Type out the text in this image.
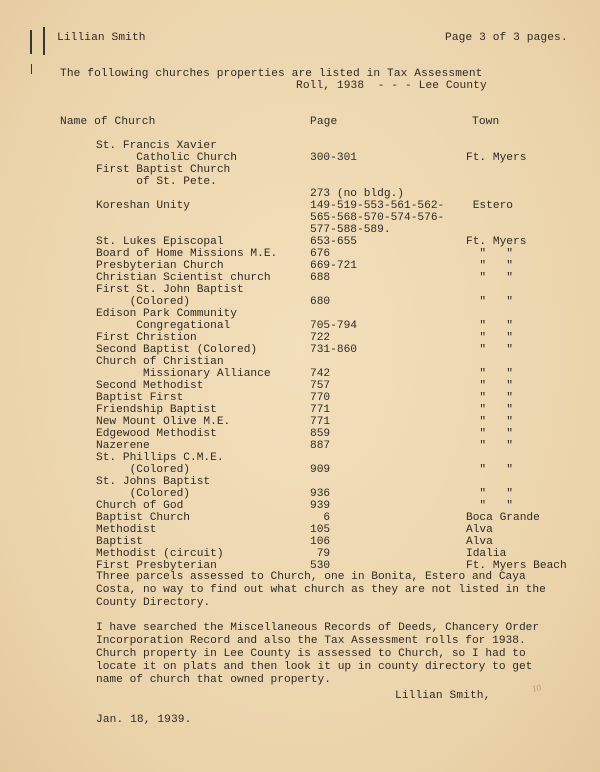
Lillian Smith	Page 3 of 3 pages.
The following churches properties are listed in Tax Assessment
Roll, 1938  - - - Lee County
Name of Church	Page	Town
St. Francis Xavier
Catholic Church	300-301	Ft. Myers
First Baptist Church
of St. Pete.
273 (no bldg.)
Koreshan Unity	149-519-553-561-562- Estero
565-568-570-574-576-
577-588-589.
St. Lukes Episcopal	653-655	Ft. Myers
Board of Home Missions M.E.	676	"   "
Presbyterian Church	669-721	"   "
Christian Scientist church	688	"   "
First St. John Baptist
(Colored)	680	"   "
Edison Park Community
Congregational	705-794	"   "
First Christion	722	"   "
Second Baptist (Colored)	731-860	"   "
Church of Christian
Missionary Alliance	742	"   "
Second Methodist	757	"   "
Baptist First	770	"   "
Friendship Baptist	771	"   "
New Mount Olive M.E.	771	"   "
Edgewood Methodist	859	"   "
Nazerene	887	"   "
St. Phillips C.M.E.
(Colored)	909	"   "
St. Johns Baptist
(Colored)	936	"   "
Church of God	939	"   "
Baptist Church	6	Boca Grande
Methodist	105	Alva
Baptist	106	Alva
Methodist (circuit)	79	Idalia
First Presbyterian	530	Ft. Myers Beach
Three parcels assessed to Church, one in Bonita, Estero and Caya
Costa, no way to find out what church as they are not listed in the
County Directory.
I have searched the Miscellaneous Records of Deeds, Chancery Order
Incorporation Record and also the Tax Assessment rolls for 1938.
Church property in Lee County is assessed to Church, so I had to
locate it on plats and then look it up in county directory to get
name of church that owned property.
Lillian Smith,
10
Jan. 18, 1939.
